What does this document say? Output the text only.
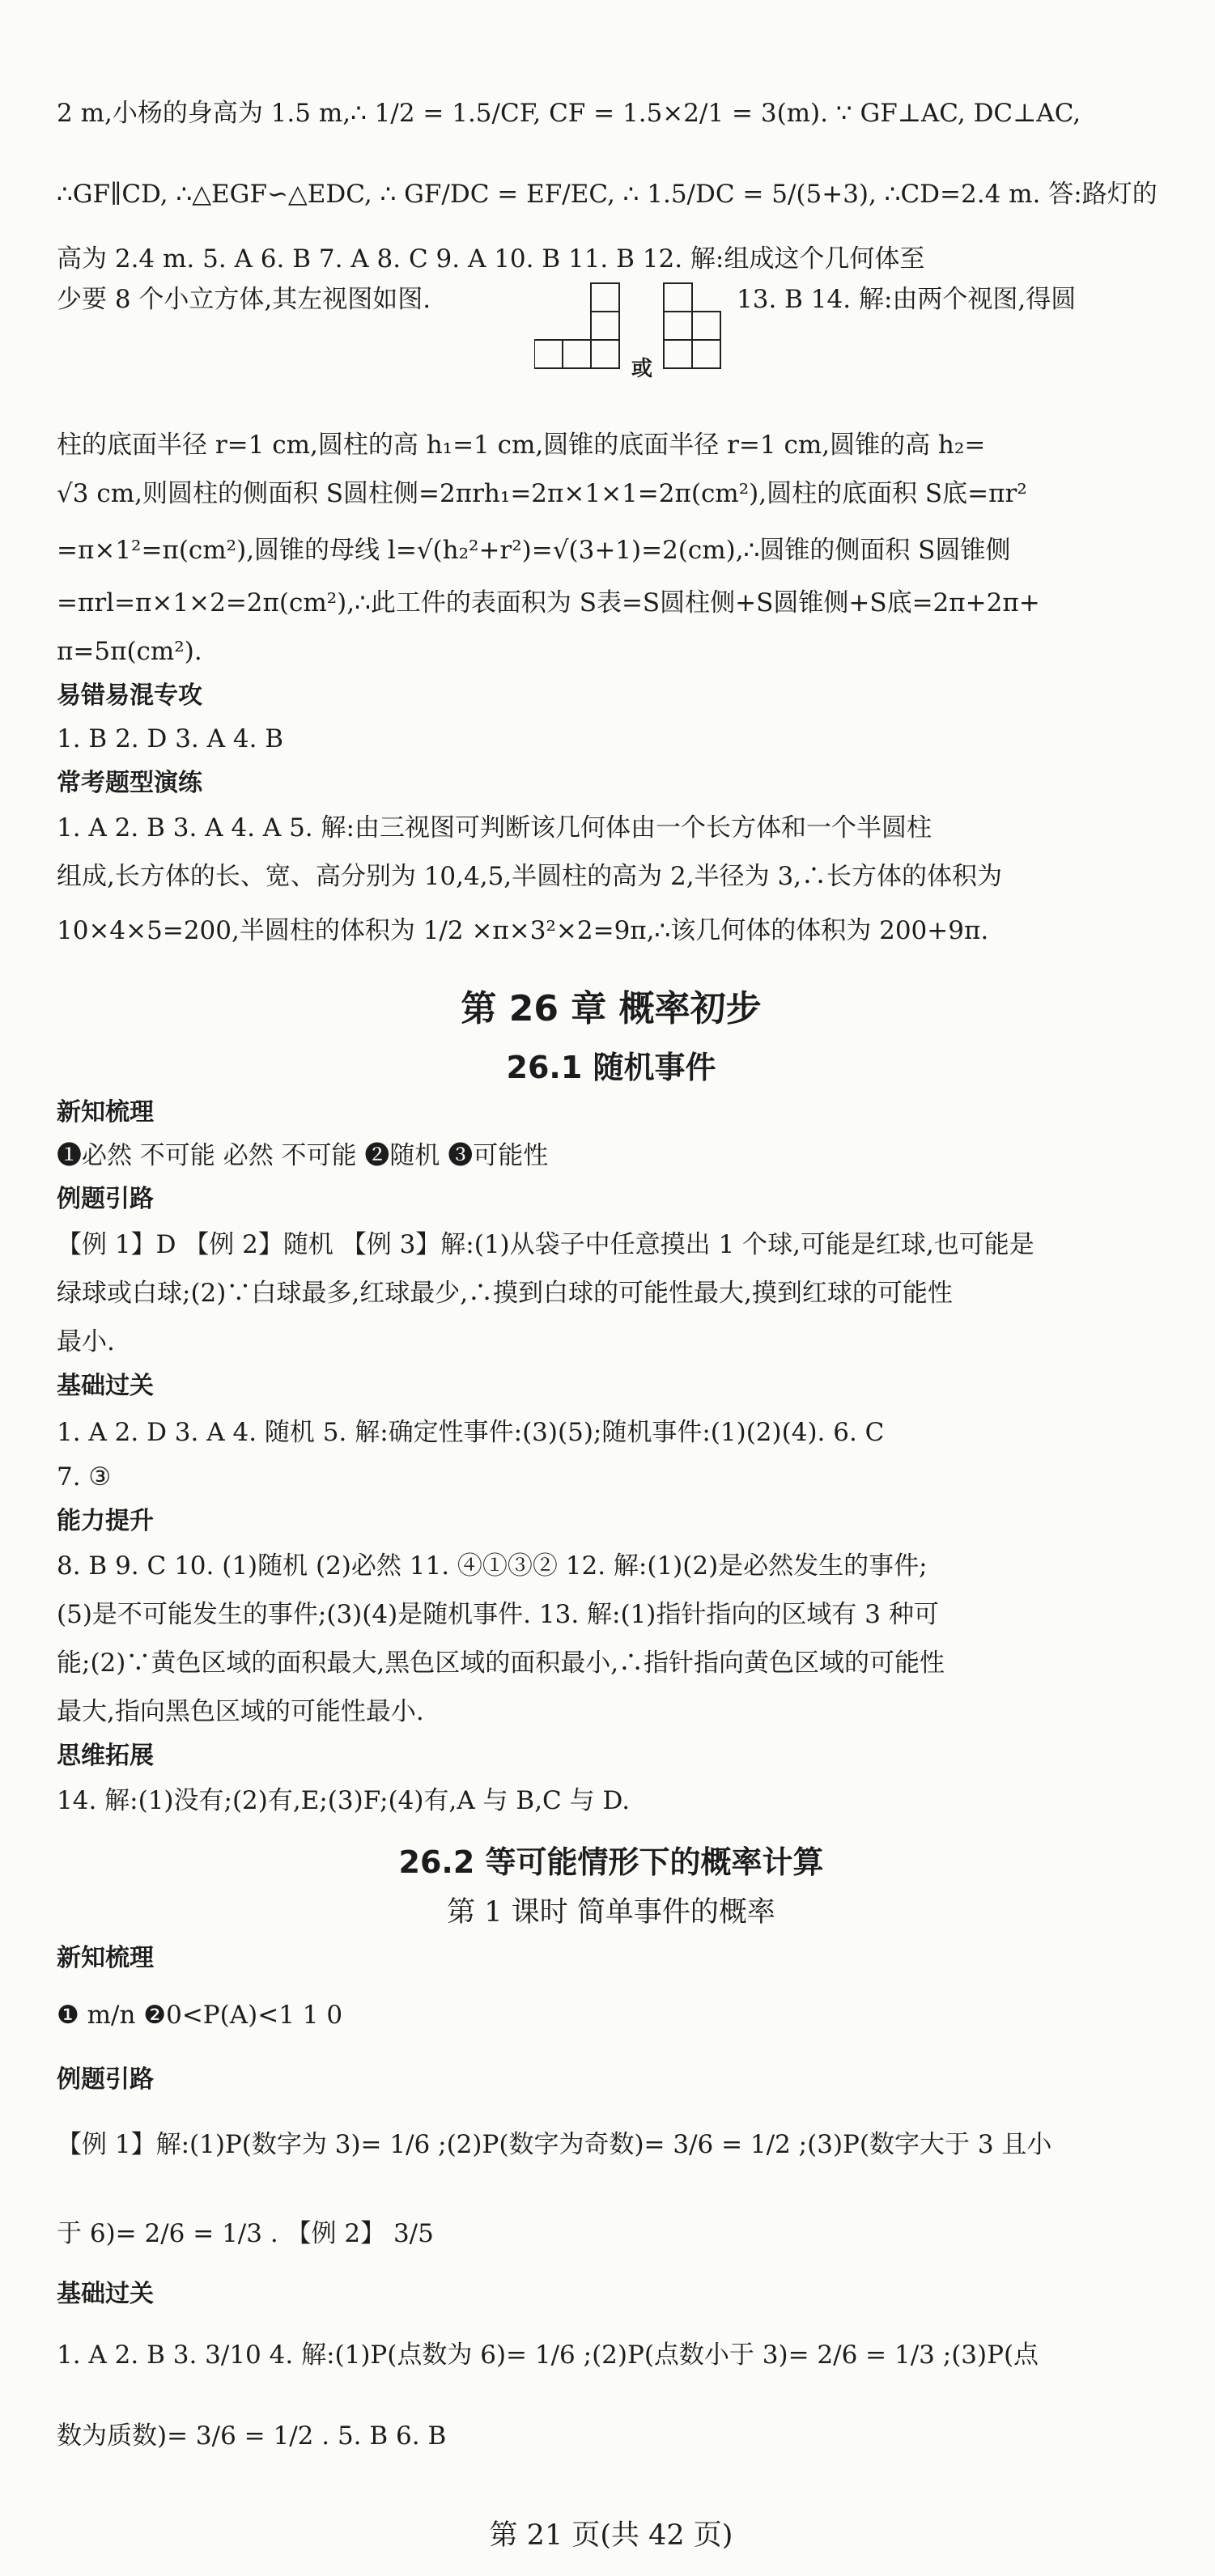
2 m,小杨的身高为 1.5 m,∴ 1/2 = 1.5/CF, CF = 1.5×2/1 = 3(m). ∵ GF⊥AC, DC⊥AC,
∴GF∥CD, ∴△EGF∽△EDC, ∴ GF/DC = EF/EC, ∴ 1.5/DC = 5/(5+3), ∴CD=2.4 m. 答:路灯的
高为 2.4 m. 5. A 6. B 7. A 8. C 9. A 10. B 11. B 12. 解:组成这个几何体至
少要 8 个小立方体,其左视图如图.	13. B 14. 解:由两个视图,得圆
或
柱的底面半径 r=1 cm,圆柱的高 h₁=1 cm,圆锥的底面半径 r=1 cm,圆锥的高 h₂=
√3 cm,则圆柱的侧面积 S圆柱侧=2πrh₁=2π×1×1=2π(cm²),圆柱的底面积 S底=πr²
=π×1²=π(cm²),圆锥的母线 l=√(h₂²+r²)=√(3+1)=2(cm),∴圆锥的侧面积 S圆锥侧
=πrl=π×1×2=2π(cm²),∴此工件的表面积为 S表=S圆柱侧+S圆锥侧+S底=2π+2π+
π=5π(cm²).
易错易混专攻
1. B 2. D 3. A 4. B
常考题型演练
1. A 2. B 3. A 4. A 5. 解:由三视图可判断该几何体由一个长方体和一个半圆柱
组成,长方体的长、宽、高分别为 10,4,5,半圆柱的高为 2,半径为 3,∴长方体的体积为
10×4×5=200,半圆柱的体积为 1/2 ×π×3²×2=9π,∴该几何体的体积为 200+9π.
第 26 章 概率初步
26.1 随机事件
新知梳理
❶必然 不可能 必然 不可能 ❷随机 ❸可能性
例题引路
【例 1】D 【例 2】随机 【例 3】解:(1)从袋子中任意摸出 1 个球,可能是红球,也可能是
绿球或白球;(2)∵白球最多,红球最少,∴摸到白球的可能性最大,摸到红球的可能性
最小.
基础过关
1. A 2. D 3. A 4. 随机 5. 解:确定性事件:(3)(5);随机事件:(1)(2)(4). 6. C
7. ③
能力提升
8. B 9. C 10. (1)随机 (2)必然 11. ④①③② 12. 解:(1)(2)是必然发生的事件;
(5)是不可能发生的事件;(3)(4)是随机事件. 13. 解:(1)指针指向的区域有 3 种可
能;(2)∵黄色区域的面积最大,黑色区域的面积最小,∴指针指向黄色区域的可能性
最大,指向黑色区域的可能性最小.
思维拓展
14. 解:(1)没有;(2)有,E;(3)F;(4)有,A 与 B,C 与 D.
26.2 等可能情形下的概率计算
第 1 课时 简单事件的概率
新知梳理
❶ m/n ❷0<P(A)<1 1 0
例题引路
【例 1】解:(1)P(数字为 3)= 1/6 ;(2)P(数字为奇数)= 3/6 = 1/2 ;(3)P(数字大于 3 且小
于 6)= 2/6 = 1/3 . 【例 2】 3/5
基础过关
1. A 2. B 3. 3/10 4. 解:(1)P(点数为 6)= 1/6 ;(2)P(点数小于 3)= 2/6 = 1/3 ;(3)P(点
数为质数)= 3/6 = 1/2 . 5. B 6. B
第 21 页(共 42 页)
